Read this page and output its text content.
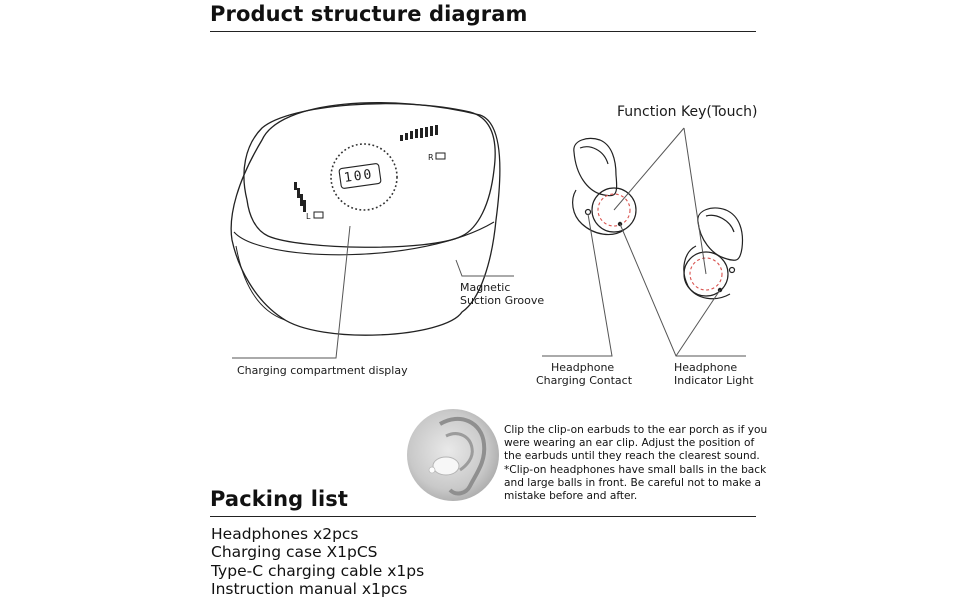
Product structure diagram
Packing list
100
L
R
Function Key(Touch)
Magnetic
Suction Groove
Charging compartment display	Headphone
Charging Contact
Headphone
Indicator Light
Clip the clip-on earbuds to the ear porch as if you
were wearing an ear clip. Adjust the position of
the earbuds until they reach the clearest sound.
*Clip-on headphones have small balls in the back
and large balls in front. Be careful not to make a
mistake before and after.
Headphones x2pcs
Charging case X1pCS
Type-C charging cable x1ps
Instruction manual x1pcs
